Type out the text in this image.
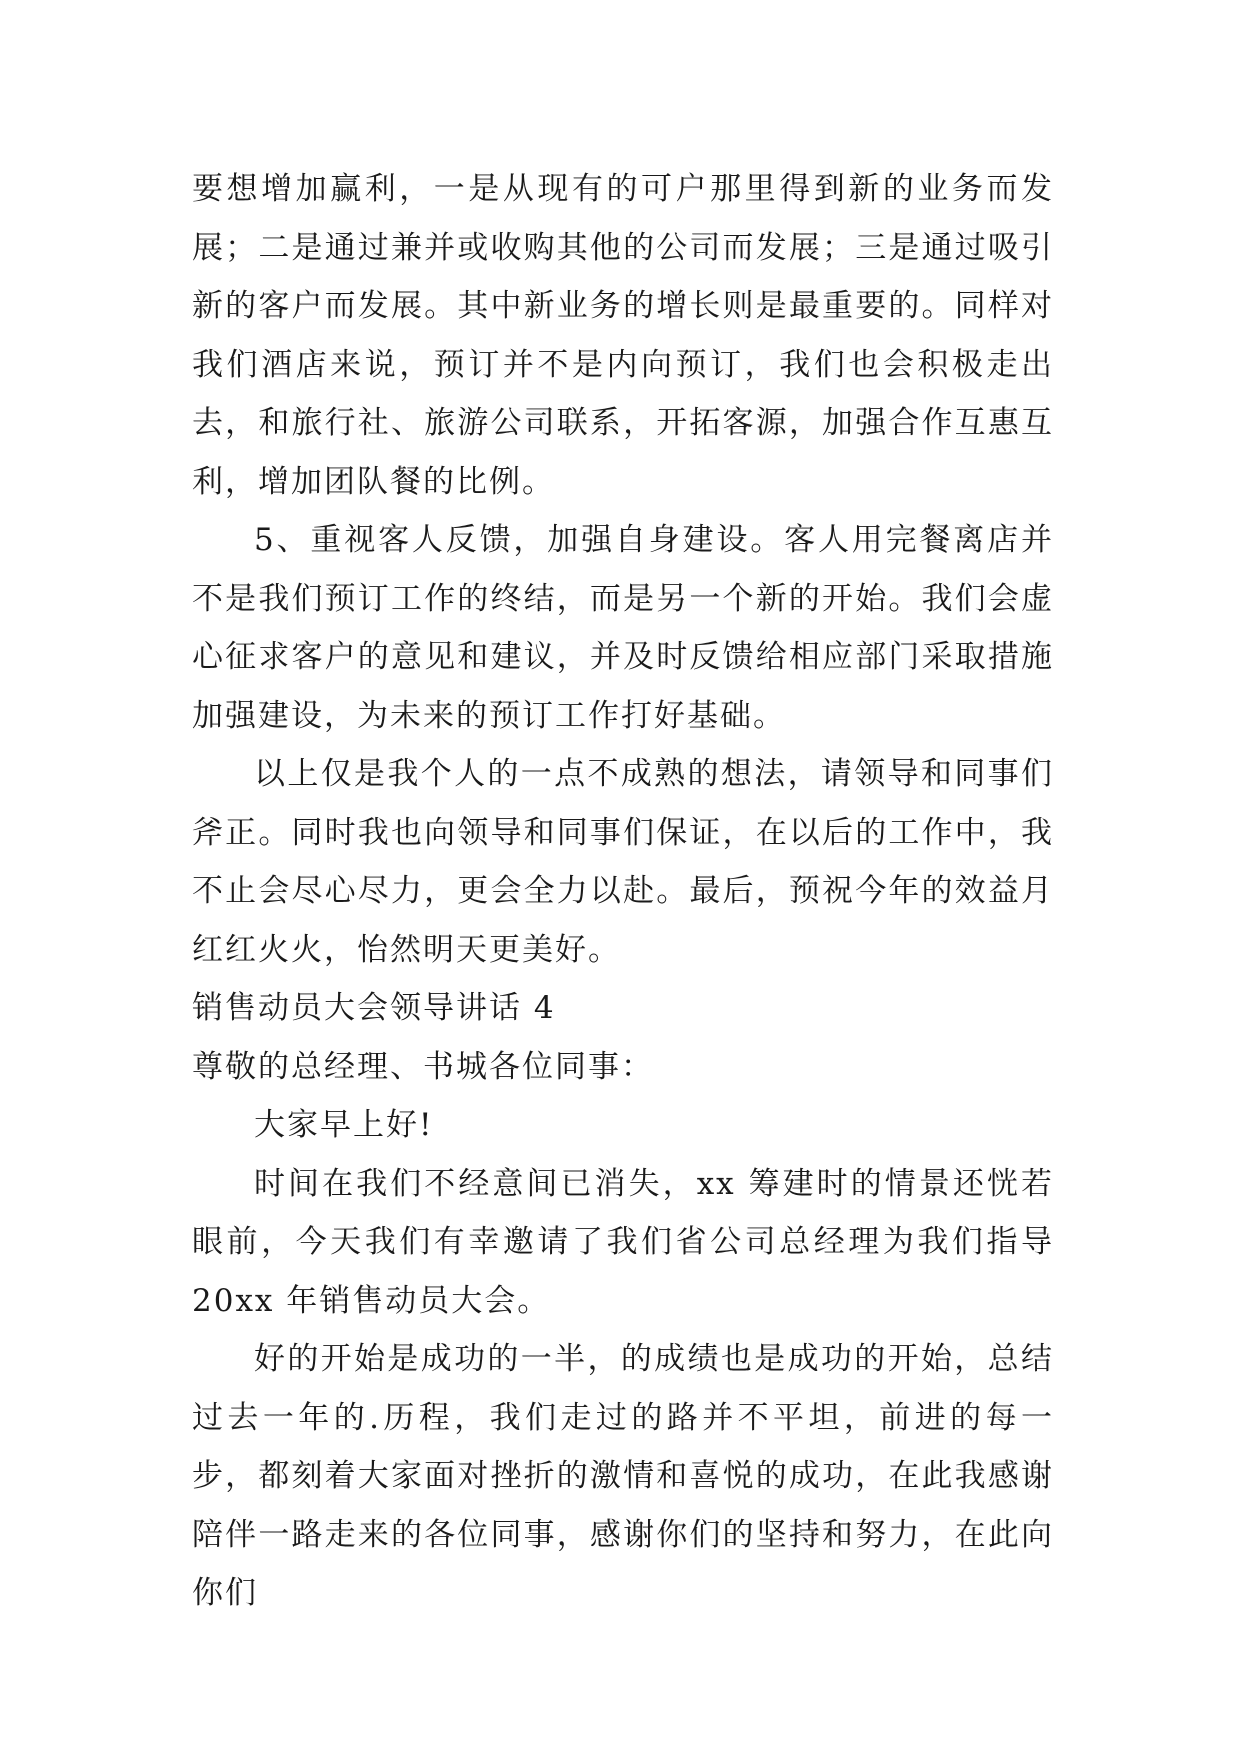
要想增加赢利，一是从现有的可户那里得到新的业务而发展；二是通过兼并或收购其他的公司而发展；三是通过吸引新的客户而发展。其中新业务的增长则是最重要的。同样对我们酒店来说，预订并不是内向预订，我们也会积极走出去，和旅行社、旅游公司联系，开拓客源，加强合作互惠互利，增加团队餐的比例。

5、重视客人反馈，加强自身建设。客人用完餐离店并不是我们预订工作的终结，而是另一个新的开始。我们会虚心征求客户的意见和建议，并及时反馈给相应部门采取措施加强建设，为未来的预订工作打好基础。

以上仅是我个人的一点不成熟的想法，请领导和同事们斧正。同时我也向领导和同事们保证，在以后的工作中，我不止会尽心尽力，更会全力以赴。最后，预祝今年的效益月红红火火，怡然明天更美好。

销售动员大会领导讲话 4

尊敬的总经理、书城各位同事：

大家早上好!

时间在我们不经意间已消失，xx 筹建时的情景还恍若眼前，今天我们有幸邀请了我们省公司总经理为我们指导 20xx 年销售动员大会。

好的开始是成功的一半，的成绩也是成功的开始，总结过去一年的.历程，我们走过的路并不平坦，前进的每一步，都刻着大家面对挫折的激情和喜悦的成功，在此我感谢陪伴一路走来的各位同事，感谢你们的坚持和努力，在此向你们
